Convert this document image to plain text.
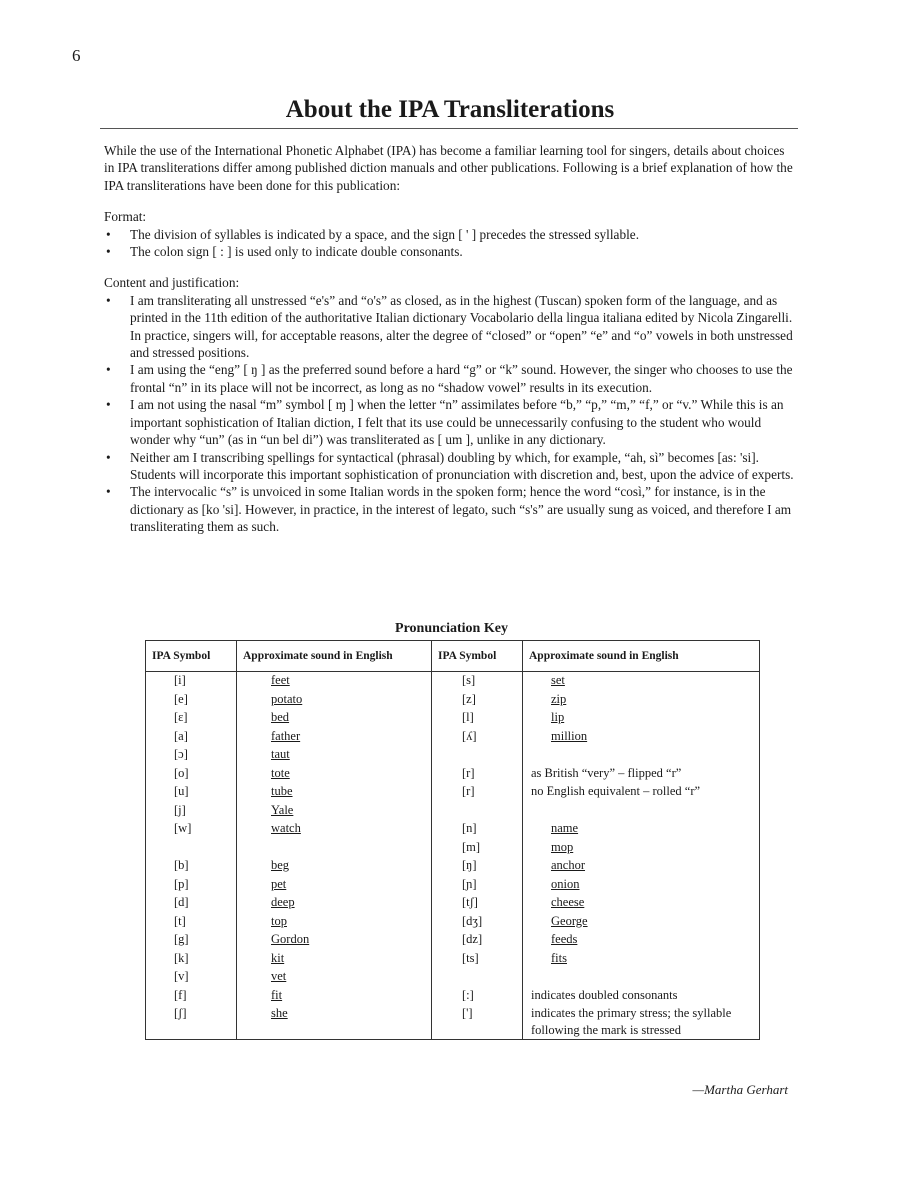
6
About the IPA Transliterations

While the use of the International Phonetic Alphabet (IPA) has become a familiar learning tool for singers, details about choices in IPA transliterations differ among published diction manuals and other publications. Following is a brief explanation of how the IPA transliterations have been done for this publication:

Format:

• The division of syllables is indicated by a space, and the sign [ ' ] precedes the stressed syllable.
• The colon sign [ : ] is used only to indicate double consonants.

Content and justification:

• I am transliterating all unstressed “e's” and “o's” as closed, as in the highest (Tuscan) spoken form of the language, and as printed in the 11th edition of the authoritative Italian dictionary Vocabolario della lingua italiana edited by Nicola Zingarelli. In practice, singers will, for acceptable reasons, alter the degree of “closed” or “open” “e” and “o” vowels in both unstressed and stressed positions.
• I am using the “eng” [ ŋ ] as the preferred sound before a hard “g” or “k” sound. However, the singer who chooses to use the frontal “n” in its place will not be incorrect, as long as no “shadow vowel” results in its execution.
• I am not using the nasal “m” symbol [ ɱ ] when the letter “n” assimilates before “b,” “p,” “m,” “f,” or “v.” While this is an important sophistication of Italian diction, I felt that its use could be unnecessarily confusing to the student who would wonder why “un” (as in “un bel di”) was transliterated as [ um ], unlike in any dictionary.
• Neither am I transcribing spellings for syntactical (phrasal) doubling by which, for example, “ah, sì” becomes [as: 'si]. Students will incorporate this important sophistication of pronunciation with discretion and, best, upon the advice of experts.
• The intervocalic “s” is unvoiced in some Italian words in the spoken form; hence the word “così,” for instance, is in the dictionary as [ko 'si]. However, in practice, in the interest of legato, such “s's” are usually sung as voiced, and therefore I am transliterating them as such.
Pronunciation Key
IPA Symbol	Approximate sound in English	IPA Symbol	Approximate sound in English
[i]	feet	[s]	set
[e]	potato	[z]	zip
[ɛ]	bed	[l]	lip
[a]	father	[ʎ]	million
[ɔ]	taut		
[o]	tote	[r]	as British “very” – flipped “r”
[u]	tube	[r]	no English equivalent – rolled “r”
[j]	Yale		
[w]	watch	[n]	name
		[m]	mop
[b]	beg	[ŋ]	anchor
[p]	pet	[ɲ]	onion
[d]	deep	[tʃ]	cheese
[t]	top	[dʒ]	George
[g]	Gordon	[dz]	feeds
[k]	kit	[ts]	fits
[v]	vet		
[f]	fit	[:]	indicates doubled consonants
[ʃ]	she	[']	indicates the primary stress; the syllable following the mark is stressed
—Martha Gerhart
